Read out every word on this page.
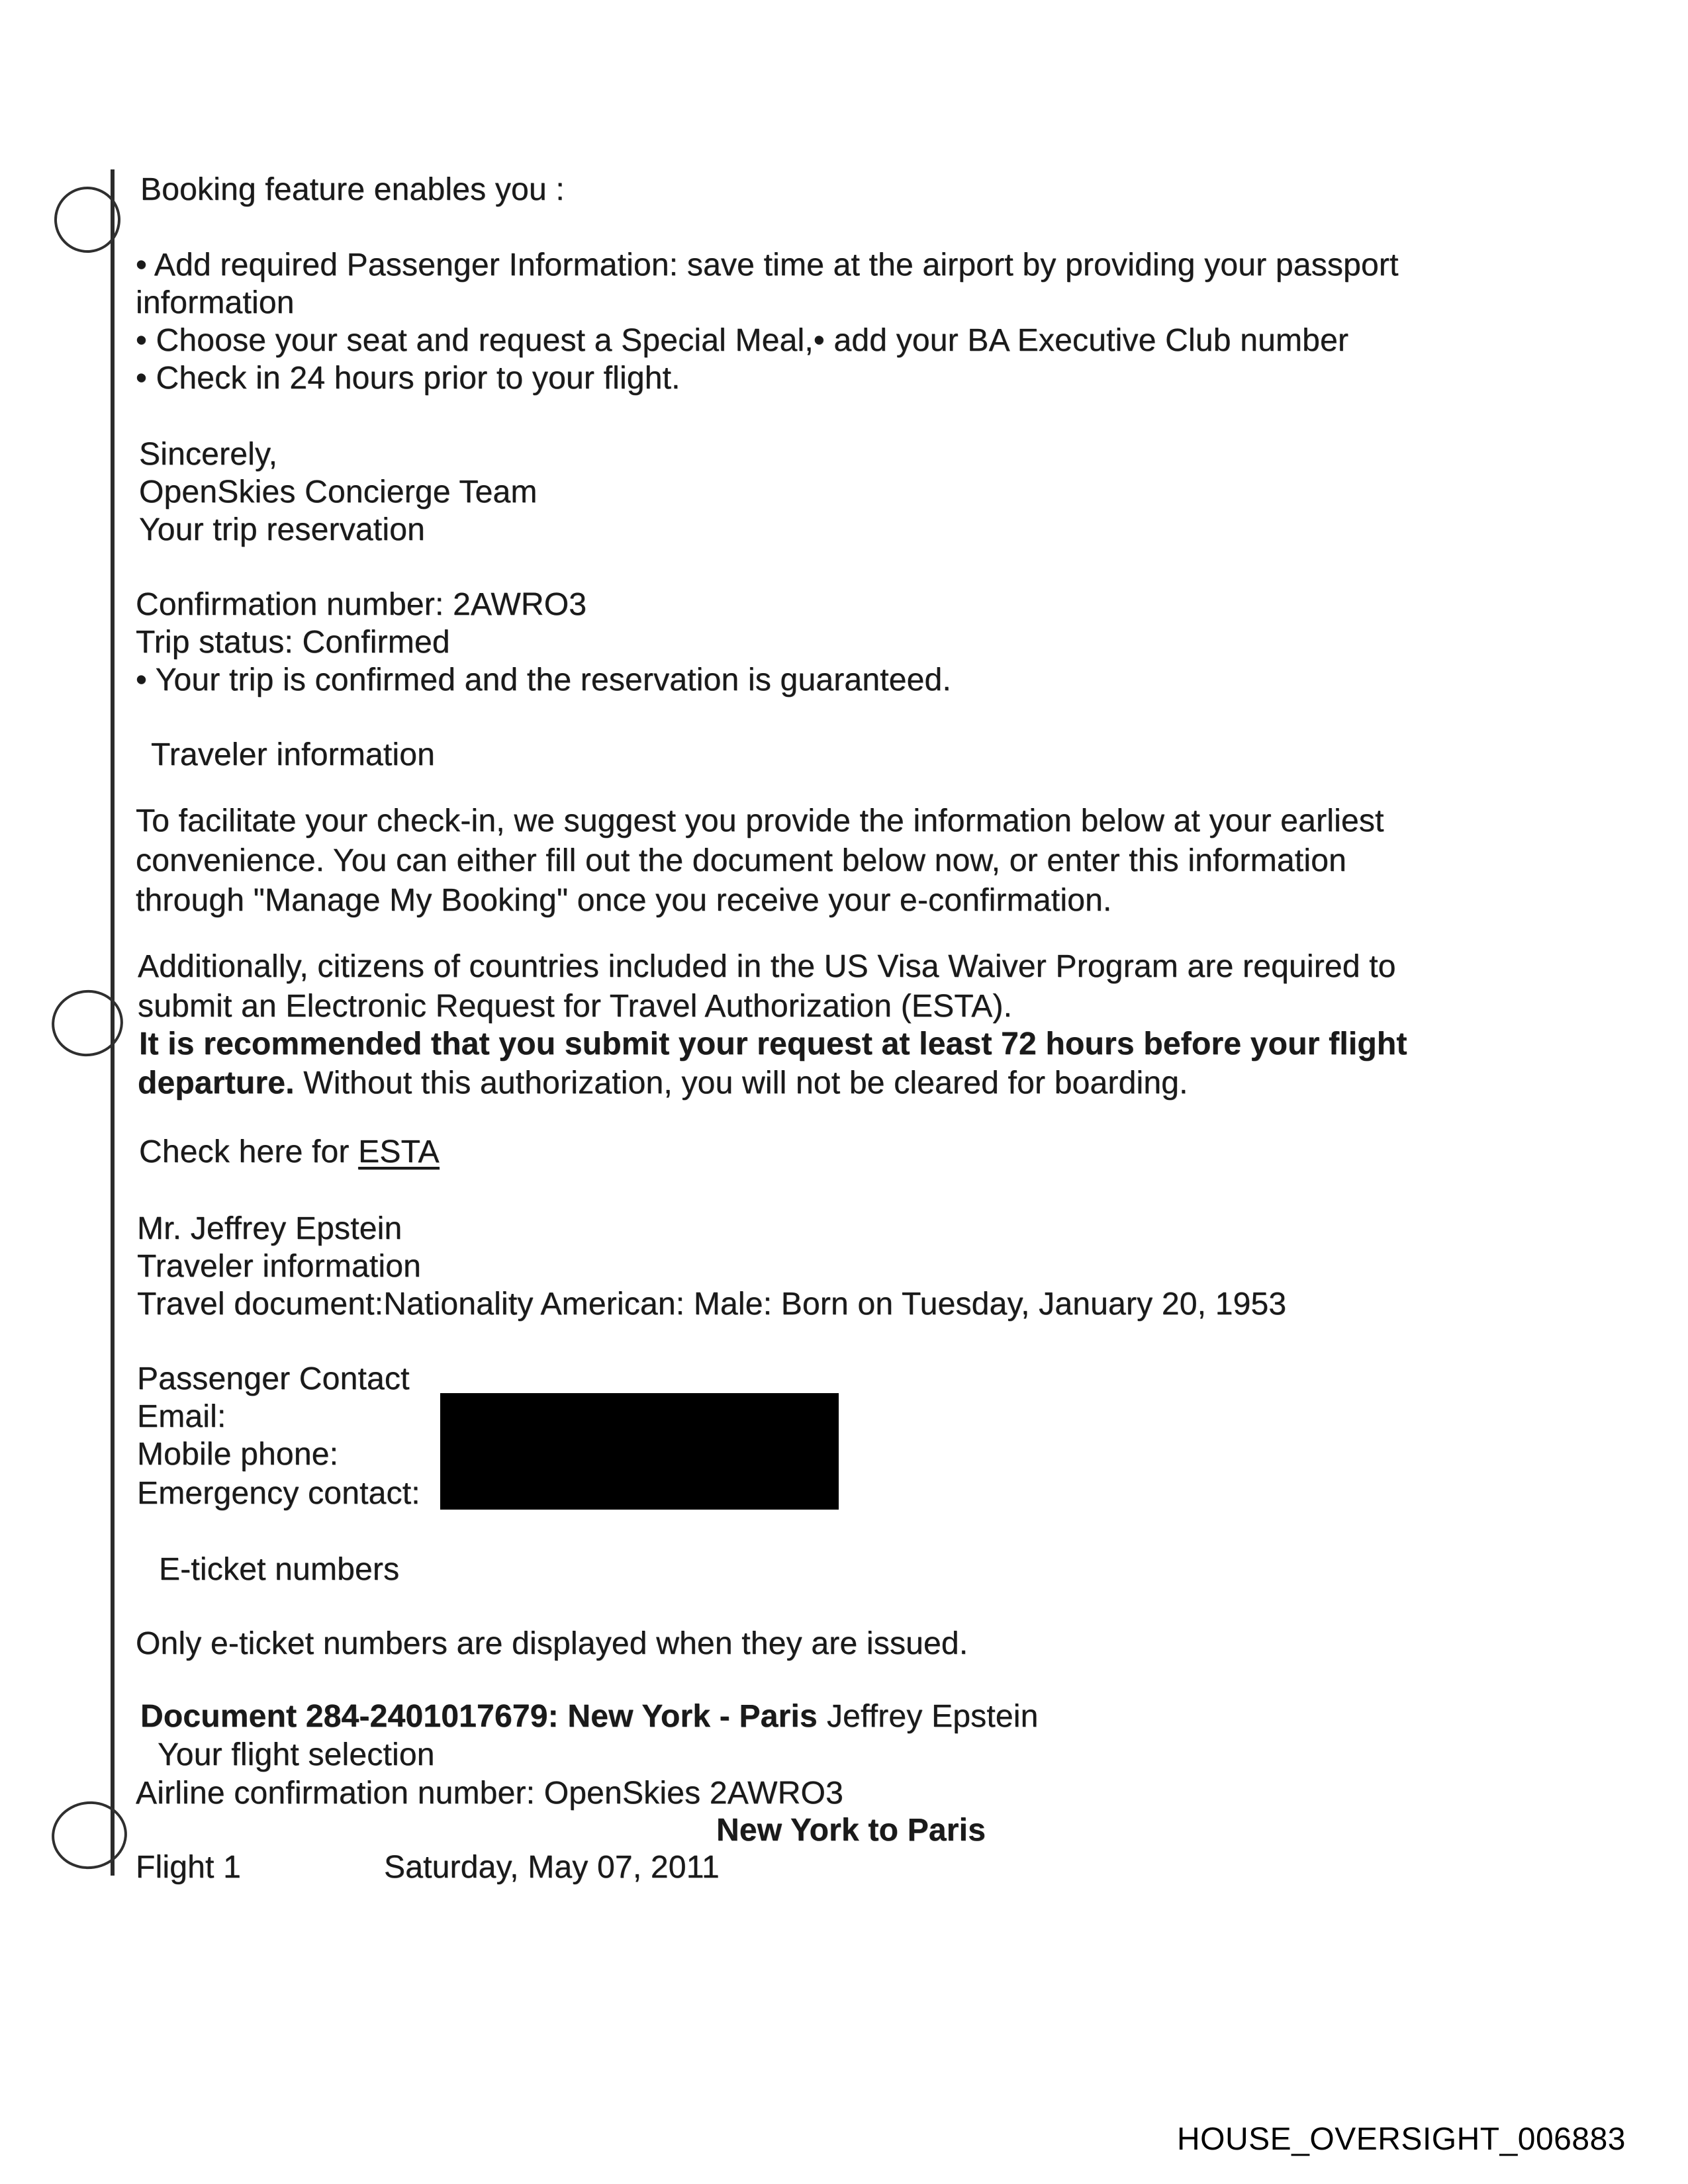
Booking feature enables you :
• Add required Passenger Information: save time at the airport by providing your passport
information
• Choose your seat and request a Special Meal,• add your BA Executive Club number
• Check in 24 hours prior to your flight.
Sincerely,
OpenSkies Concierge Team
Your trip reservation
Confirmation number: 2AWRO3
Trip status: Confirmed
• Your trip is confirmed and the reservation is guaranteed.
Traveler information
To facilitate your check-in, we suggest you provide the information below at your earliest
convenience. You can either fill out the document below now, or enter this information
through "Manage My Booking" once you receive your e-confirmation.
Additionally, citizens of countries included in the US Visa Waiver Program are required to
submit an Electronic Request for Travel Authorization (ESTA).
It is recommended that you submit your request at least 72 hours before your flight
departure. Without this authorization, you will not be cleared for boarding.
Check here for ESTA
Mr. Jeffrey Epstein
Traveler information
Travel document:Nationality American: Male: Born on Tuesday, January 20, 1953
Passenger Contact
Email:
Mobile phone:
Emergency contact:
E-ticket numbers
Only e-ticket numbers are displayed when they are issued.
Document 284-2401017679: New York - Paris Jeffrey Epstein
Your flight selection
Airline confirmation number: OpenSkies 2AWRO3
New York to Paris
Flight 1	Saturday, May 07, 2011
HOUSE_OVERSIGHT_006883
